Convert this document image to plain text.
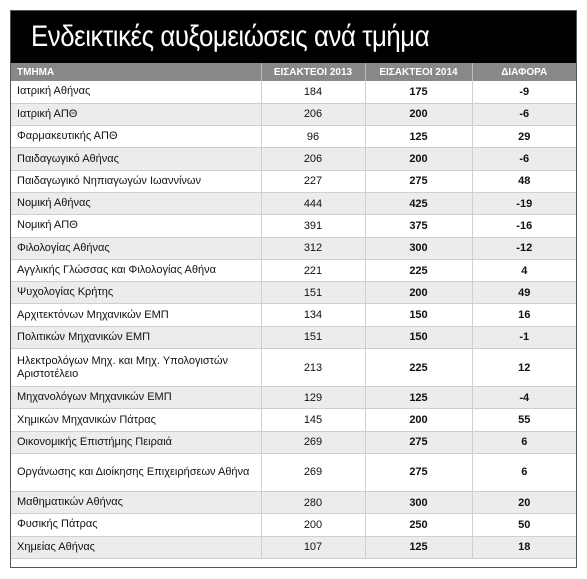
Ενδεικτικές αυξομειώσεις ανά τμήμα
ΤΜΗΜΑ	ΕΙΣΑΚΤΕΟΙ 2013	ΕΙΣΑΚΤΕΟΙ 2014	ΔΙΑΦΟΡΑ
Ιατρική Αθήνας	184	175	-9
Ιατρική ΑΠΘ	206	200	-6
Φαρμακευτικής ΑΠΘ	96	125	29
Παιδαγωγικό Αθήνας	206	200	-6
Παιδαγωγικό Νηπιαγωγών Ιωαννίνων	227	275	48
Νομική Αθήνας	444	425	-19
Νομική ΑΠΘ	391	375	-16
Φιλολογίας Αθήνας	312	300	-12
Αγγλικής Γλώσσας και Φιλολογίας Αθήνα	221	225	4
Ψυχολογίας Κρήτης	151	200	49
Αρχιτεκτόνων Μηχανικών ΕΜΠ	134	150	16
Πολιτικών Μηχανικών ΕΜΠ	151	150	-1
Ηλεκτρολόγων Μηχ. και Μηχ. Υπολογιστών Αριστοτέλειο	213	225	12
Μηχανολόγων Μηχανικών ΕΜΠ	129	125	-4
Χημικών Μηχανικών Πάτρας	145	200	55
Οικονομικής Επιστήμης Πειραιά	269	275	6
Οργάνωσης και Διοίκησης Επιχειρήσεων Αθήνα	269	275	6
Μαθηματικών Αθήνας	280	300	20
Φυσικής Πάτρας	200	250	50
Χημείας Αθήνας	107	125	18
